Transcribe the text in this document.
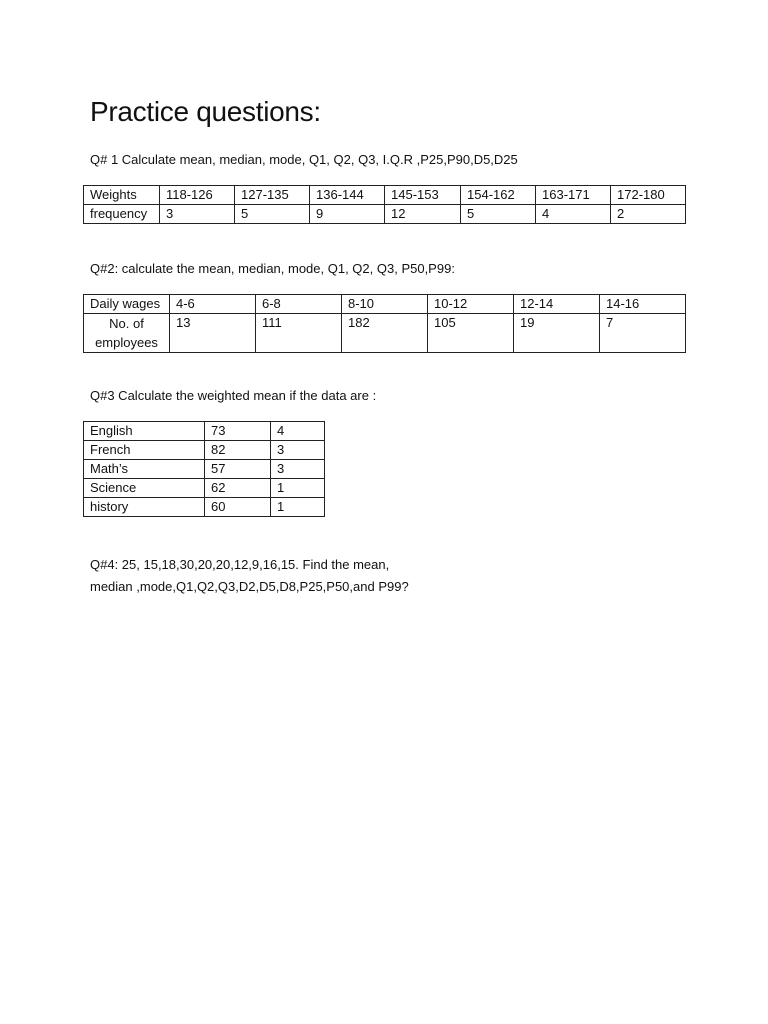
Practice questions:

Q# 1 Calculate mean, median, mode, Q1, Q2, Q3, I.Q.R ,P25,P90,D5,D25

Weights	118-126	127-135	136-144	145-153	154-162	163-171	172-180
frequency	3	5	9	12	5	4	2

Q#2: calculate the mean, median, mode, Q1, Q2, Q3, P50,P99:

Daily wages	4-6	6-8	8-10	10-12	12-14	14-16
No. of employees	13	111	182	105	19	7

Q#3 Calculate the weighted mean if the data are :

English	73	4
French	82	3
Math’s	57	3
Science	62	1
history	60	1

Q#4: 25, 15,18,30,20,20,12,9,16,15. Find the mean,
median ,mode,Q1,Q2,Q3,D2,D5,D8,P25,P50,and P99?
